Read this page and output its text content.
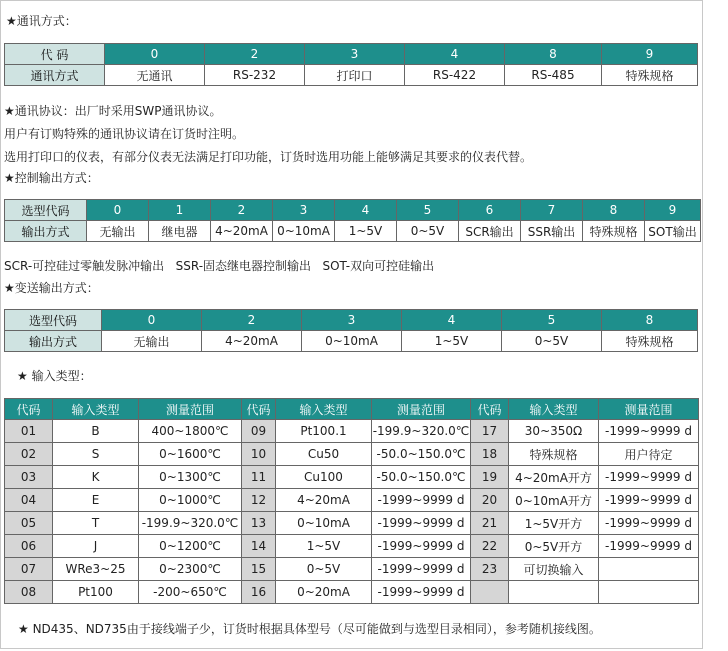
★通讯方式：
代 码	0	2	3	4	8	9
通讯方式	无通讯	RS-232	打印口	RS-422	RS-485	特殊规格
★通讯协议：出厂时采用SWP通讯协议。
用户有订购特殊的通讯协议请在订货时注明。
选用打印口的仪表，有部分仪表无法满足打印功能，订货时选用功能上能够满足其要求的仪表代替。
★控制输出方式：
选型代码	0	1	2	3	4	5	6	7	8	9
输出方式	无输出	继电器	4~20mA	0~10mA	1~5V	0~5V	SCR输出	SSR输出	特殊规格	SOT输出
SCR-可控硅过零触发脉冲输出   SSR-固态继电器控制输出   SOT-双向可控硅输出
★变送输出方式：
选型代码	0	2	3	4	5	8
输出方式	无输出	4~20mA	0~10mA	1~5V	0~5V	特殊规格
★ 输入类型：
代码	输入类型	测量范围	代码	输入类型	测量范围	代码	输入类型	测量范围
01	B	400~1800℃	09	Pt100.1	-199.9~320.0℃	17	30~350Ω	-1999~9999 d
02	S	0~1600℃	10	Cu50	-50.0~150.0℃	18	特殊规格	用户待定
03	K	0~1300℃	11	Cu100	-50.0~150.0℃	19	4~20mA开方	-1999~9999 d
04	E	0~1000℃	12	4~20mA	-1999~9999 d	20	0~10mA开方	-1999~9999 d
05	T	-199.9~320.0℃	13	0~10mA	-1999~9999 d	21	1~5V开方	-1999~9999 d
06	J	0~1200℃	14	1~5V	-1999~9999 d	22	0~5V开方	-1999~9999 d
07	WRe3~25	0~2300℃	15	0~5V	-1999~9999 d	23	可切换输入	
08	Pt100	-200~650℃	16	0~20mA	-1999~9999 d			
★ ND435、ND735由于接线端子少，订货时根据具体型号（尽可能做到与选型目录相同），参考随机接线图。
